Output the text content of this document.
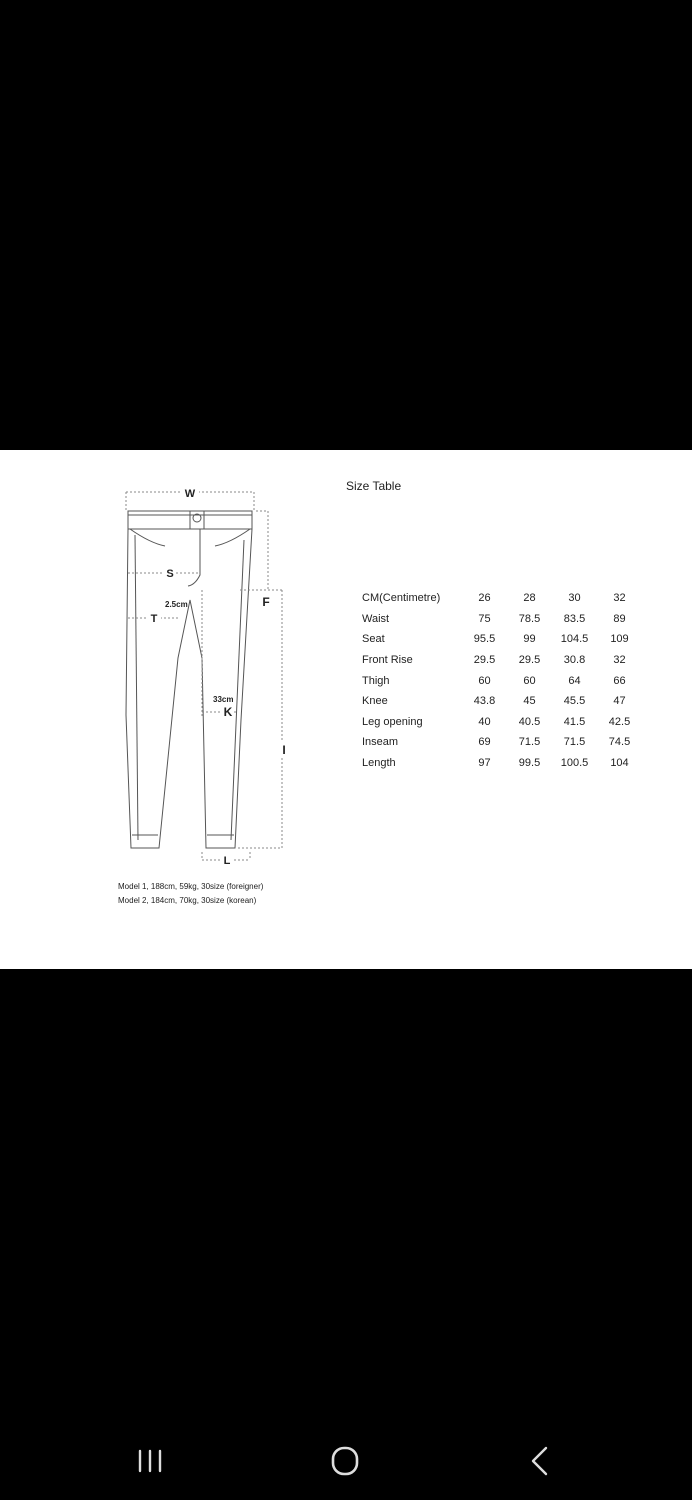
Size Table
W
F
S
T
2.5cm
33cm
K
I
L
Model 1, 188cm, 59kg, 30size (foreigner)
Model 2, 184cm, 70kg, 30size (korean)
CM(Centimetre)	26	28	30	32
Waist	75	78.5	83.5	89
Seat	95.5	99	104.5	109
Front Rise	29.5	29.5	30.8	32
Thigh	60	60	64	66
Knee	43.8	45	45.5	47
Leg opening	40	40.5	41.5	42.5
Inseam	69	71.5	71.5	74.5
Length	97	99.5	100.5	104
